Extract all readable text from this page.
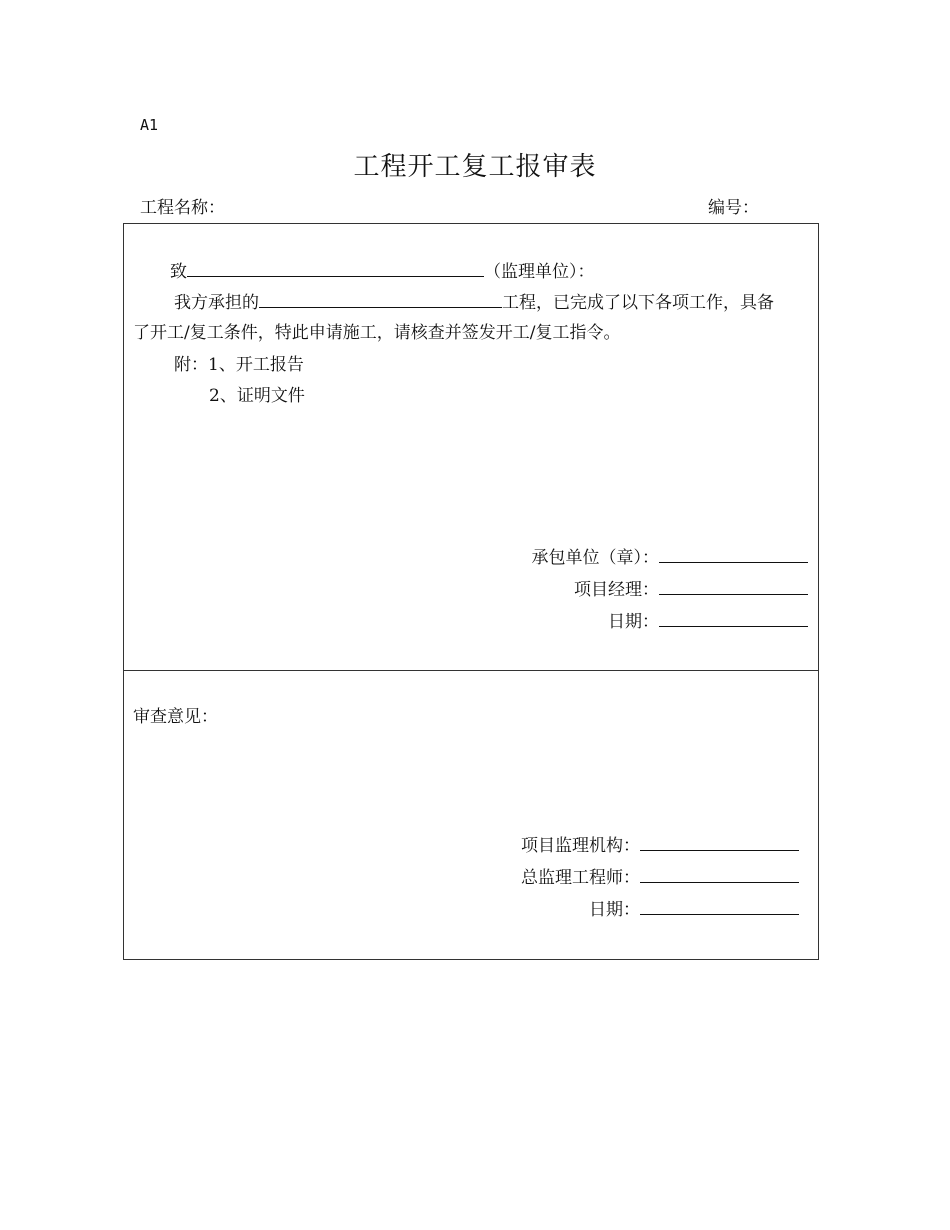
A1
工程开工复工报审表
工程名称：	编号：
致	（监理单位）：
我方承担的	工程，已完成了以下各项工作，具备
了开工/复工条件，特此申请施工，请核查并签发开工/复工指令。
附：1、开工报告
2、证明文件
承包单位（章）：
项目经理：
日期：
审查意见：
项目监理机构：
总监理工程师：
日期：
